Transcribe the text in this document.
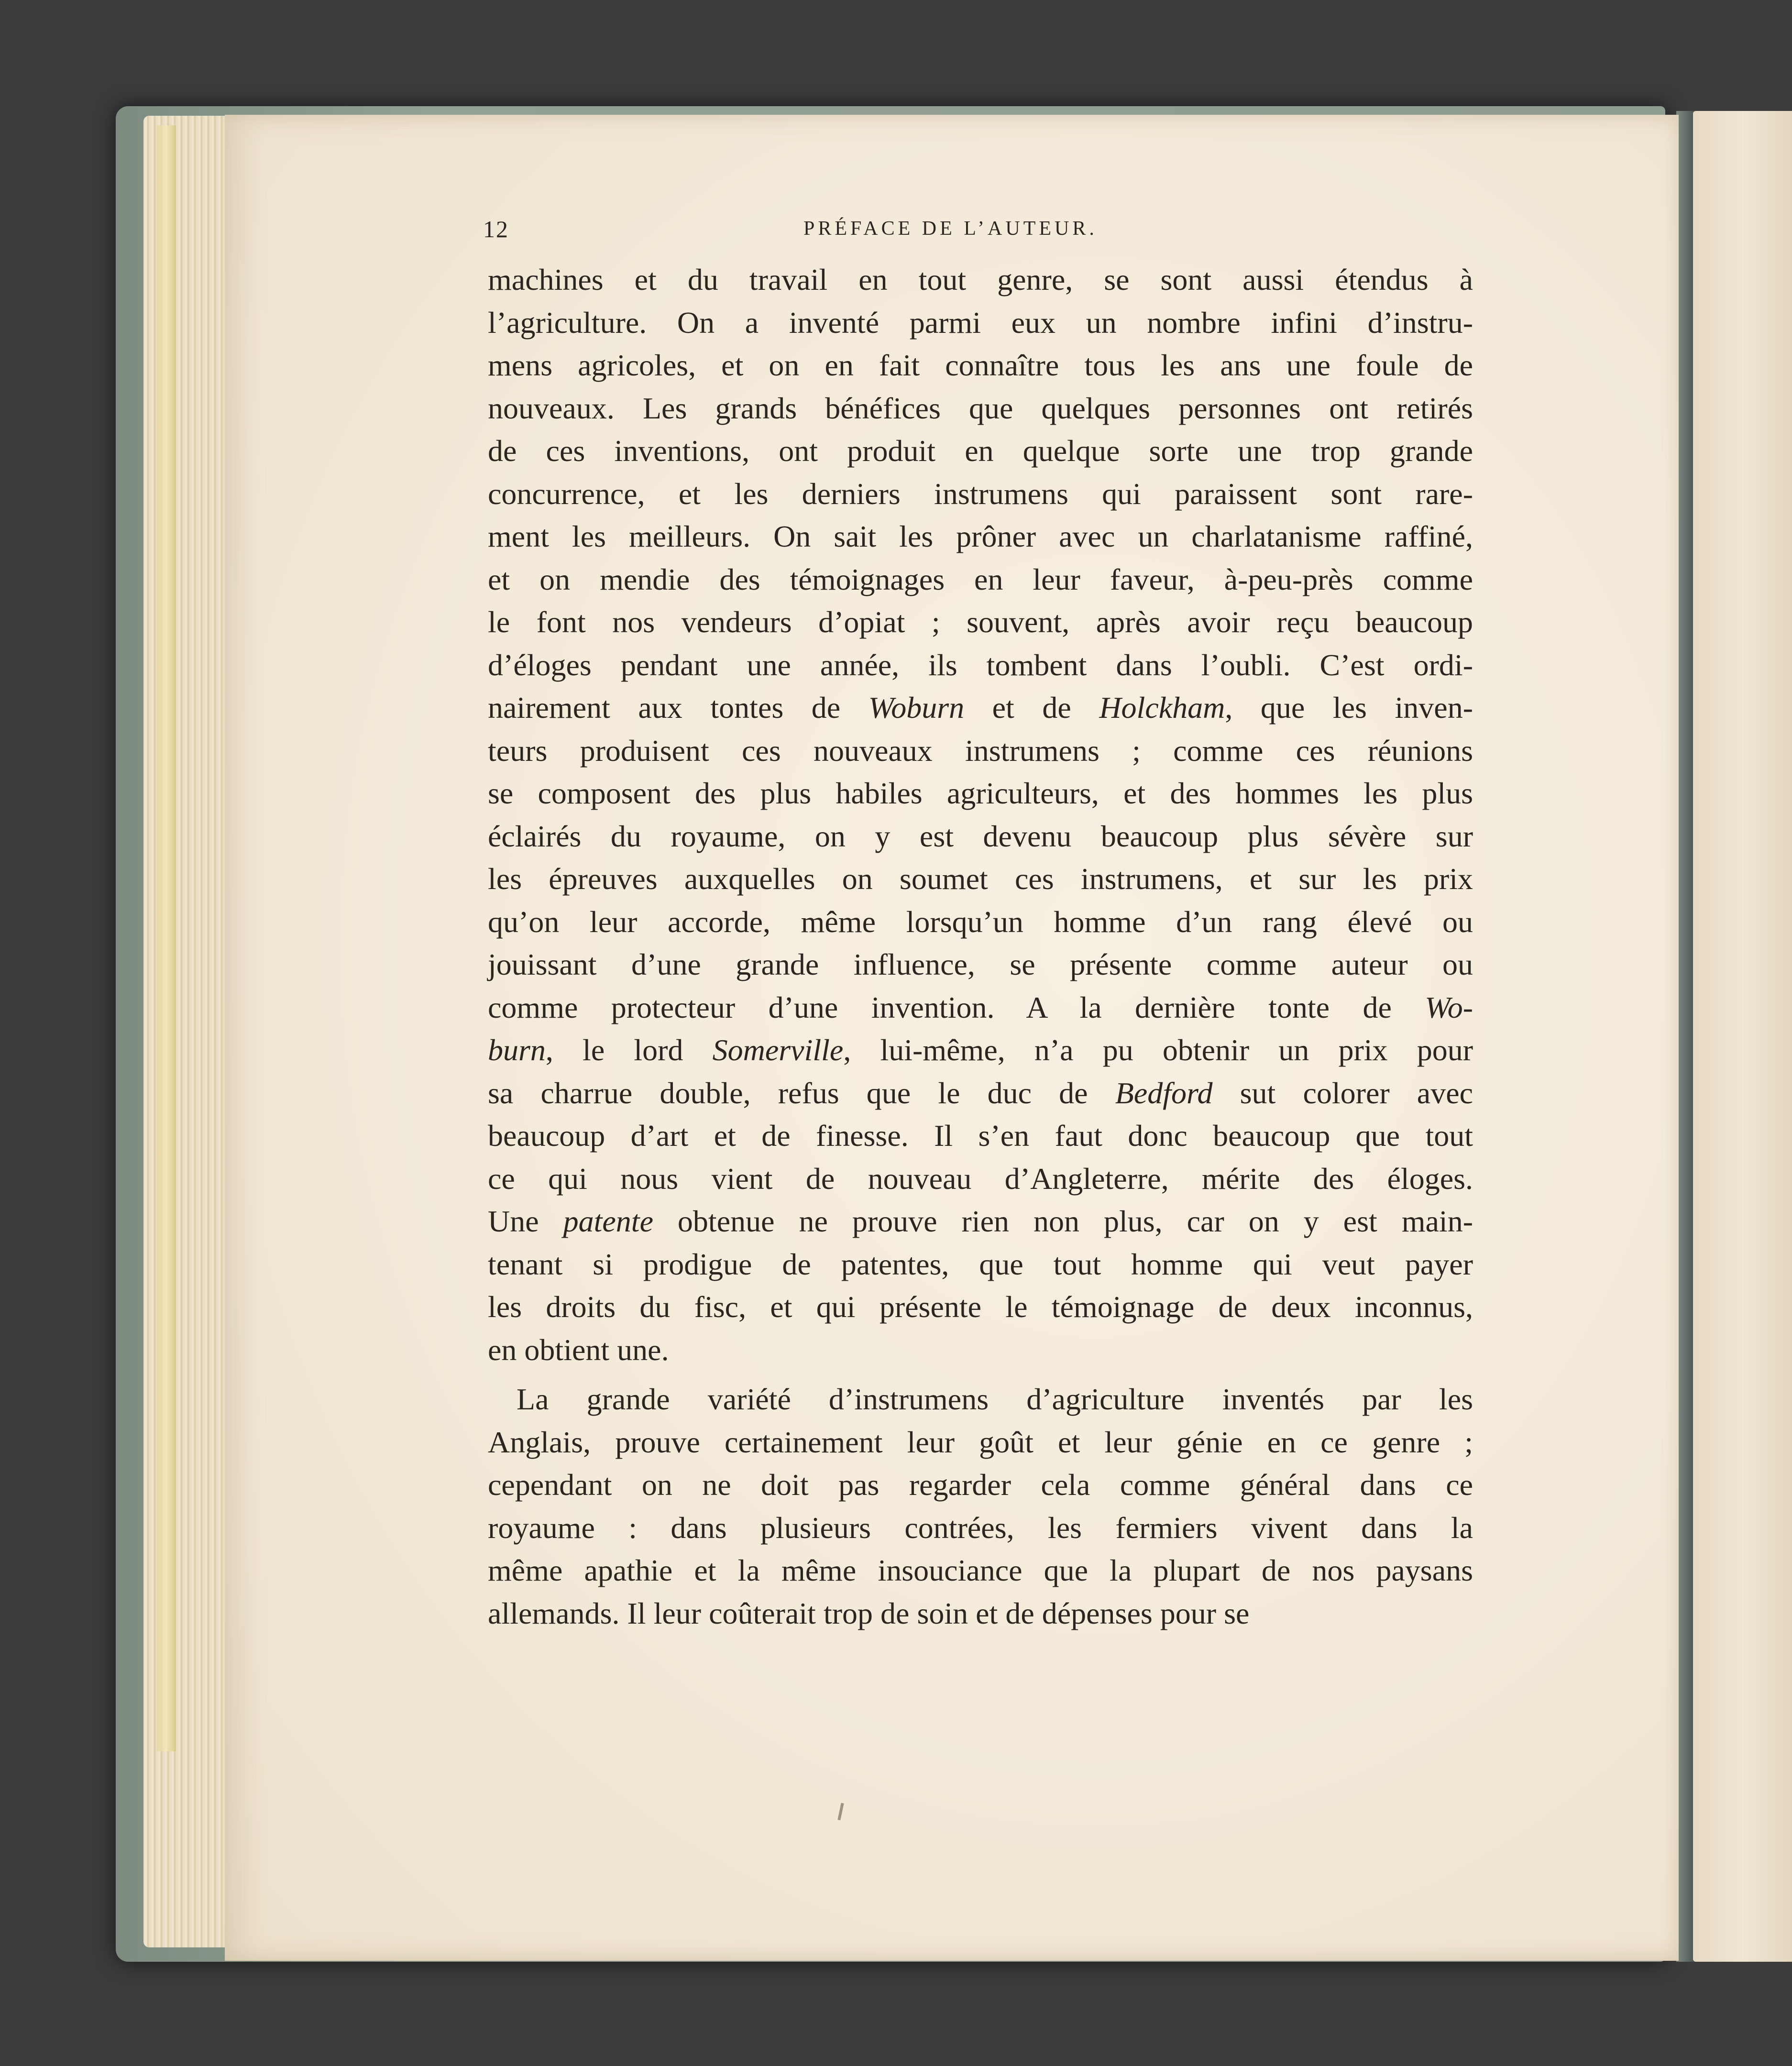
12	PRÉFACE DE L’AUTEUR.
machines et du travail en tout genre, se sont aussi étendus à
l’agriculture. On a inventé parmi eux un nombre infini d’instru-
mens agricoles, et on en fait connaître tous les ans une foule de
nouveaux. Les grands bénéfices que quelques personnes ont retirés
de ces inventions, ont produit en quelque sorte une trop grande
concurrence, et les derniers instrumens qui paraissent sont rare-
ment les meilleurs. On sait les prôner avec un charlatanisme raffiné,
et on mendie des témoignages en leur faveur, à-peu-près comme
le font nos vendeurs d’opiat ; souvent, après avoir reçu beaucoup
d’éloges pendant une année, ils tombent dans l’oubli. C’est ordi-
nairement aux tontes de Woburn et de Holckham, que les inven-
teurs produisent ces nouveaux instrumens ; comme ces réunions
se composent des plus habiles agriculteurs, et des hommes les plus
éclairés du royaume, on y est devenu beaucoup plus sévère sur
les épreuves auxquelles on soumet ces instrumens, et sur les prix
qu’on leur accorde, même lorsqu’un homme d’un rang élevé ou
jouissant d’une grande influence, se présente comme auteur ou
comme protecteur d’une invention. A la dernière tonte de Wo-
burn, le lord Somerville, lui-même, n’a pu obtenir un prix pour
sa charrue double, refus que le duc de Bedford sut colorer avec
beaucoup d’art et de finesse. Il s’en faut donc beaucoup que tout
ce qui nous vient de nouveau d’Angleterre, mérite des éloges.
Une patente obtenue ne prouve rien non plus, car on y est main-
tenant si prodigue de patentes, que tout homme qui veut payer
les droits du fisc, et qui présente le témoignage de deux inconnus,
en obtient une.
La grande variété d’instrumens d’agriculture inventés par les
Anglais, prouve certainement leur goût et leur génie en ce genre ;
cependant on ne doit pas regarder cela comme général dans ce
royaume : dans plusieurs contrées, les fermiers vivent dans la
même apathie et la même insouciance que la plupart de nos paysans
allemands. Il leur coûterait trop de soin et de dépenses pour se
